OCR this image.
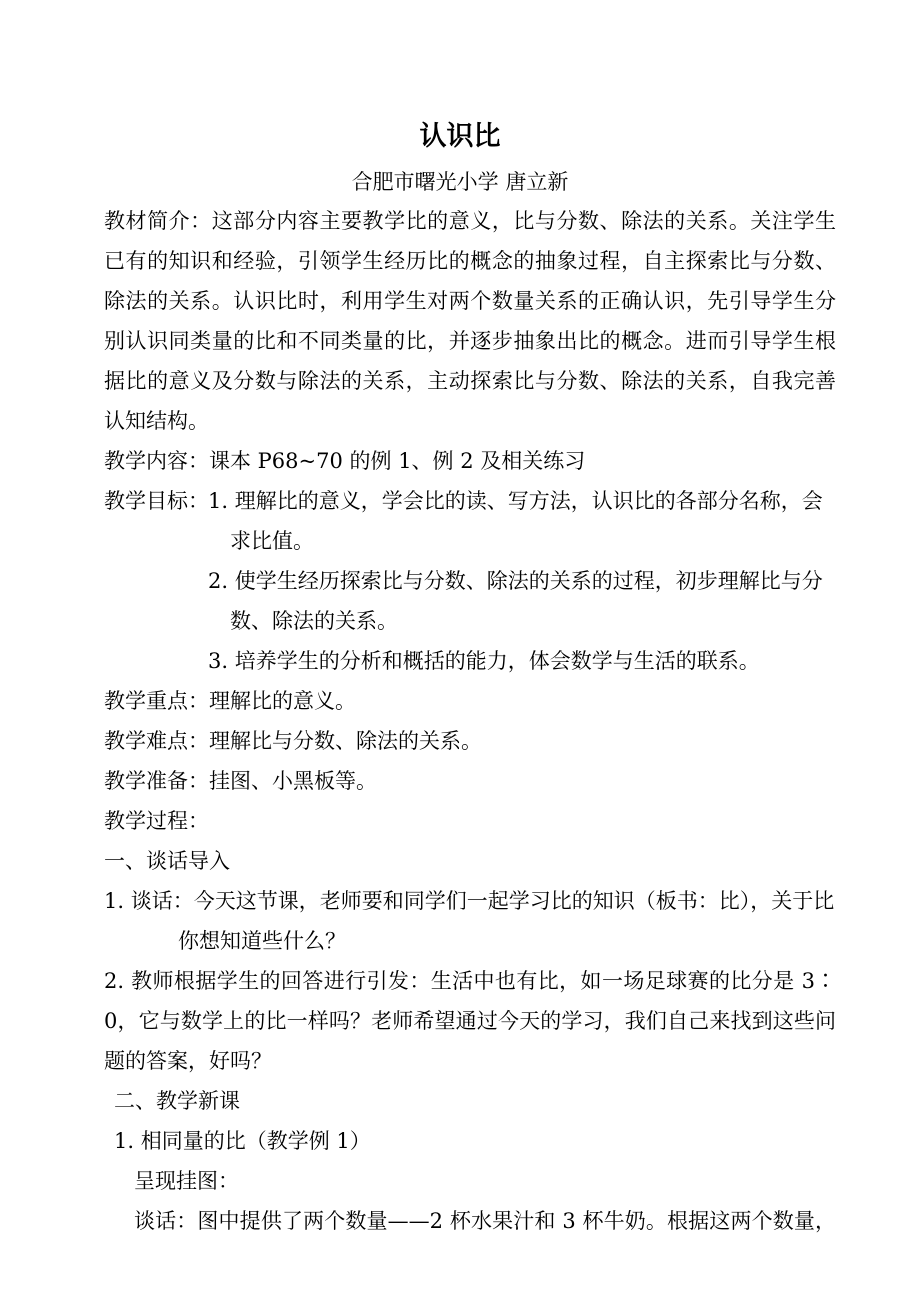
认识比
合肥市曙光小学 唐立新
教材简介：这部分内容主要教学比的意义，比与分数、除法的关系。关注学生
已有的知识和经验，引领学生经历比的概念的抽象过程，自主探索比与分数、
除法的关系。认识比时，利用学生对两个数量关系的正确认识，先引导学生分
别认识同类量的比和不同类量的比，并逐步抽象出比的概念。进而引导学生根
据比的意义及分数与除法的关系，主动探索比与分数、除法的关系，自我完善
认知结构。
教学内容：课本 P68~70 的例 1、例 2 及相关练习
教学目标： 1. 理解比的意义，学会比的读、写方法，认识比的各部分名称，会
求比值。
2. 使学生经历探索比与分数、除法的关系的过程，初步理解比与分
数、除法的关系。
3. 培养学生的分析和概括的能力，体会数学与生活的联系。
教学重点：理解比的意义。
教学难点：理解比与分数、除法的关系。
教学准备：挂图、小黑板等。
教学过程：
一、谈话导入
1. 谈话：今天这节课，老师要和同学们一起学习比的知识（板书：比），关于比
你想知道些什么？
2. 教师根据学生的回答进行引发：生活中也有比，如一场足球赛的比分是 3∶
0，它与数学上的比一样吗？老师希望通过今天的学习，我们自己来找到这些问
题的答案，好吗？
二、教学新课
1. 相同量的比（教学例 1）
呈现挂图：
谈话：图中提供了两个数量——2 杯水果汁和 3 杯牛奶。根据这两个数量，
